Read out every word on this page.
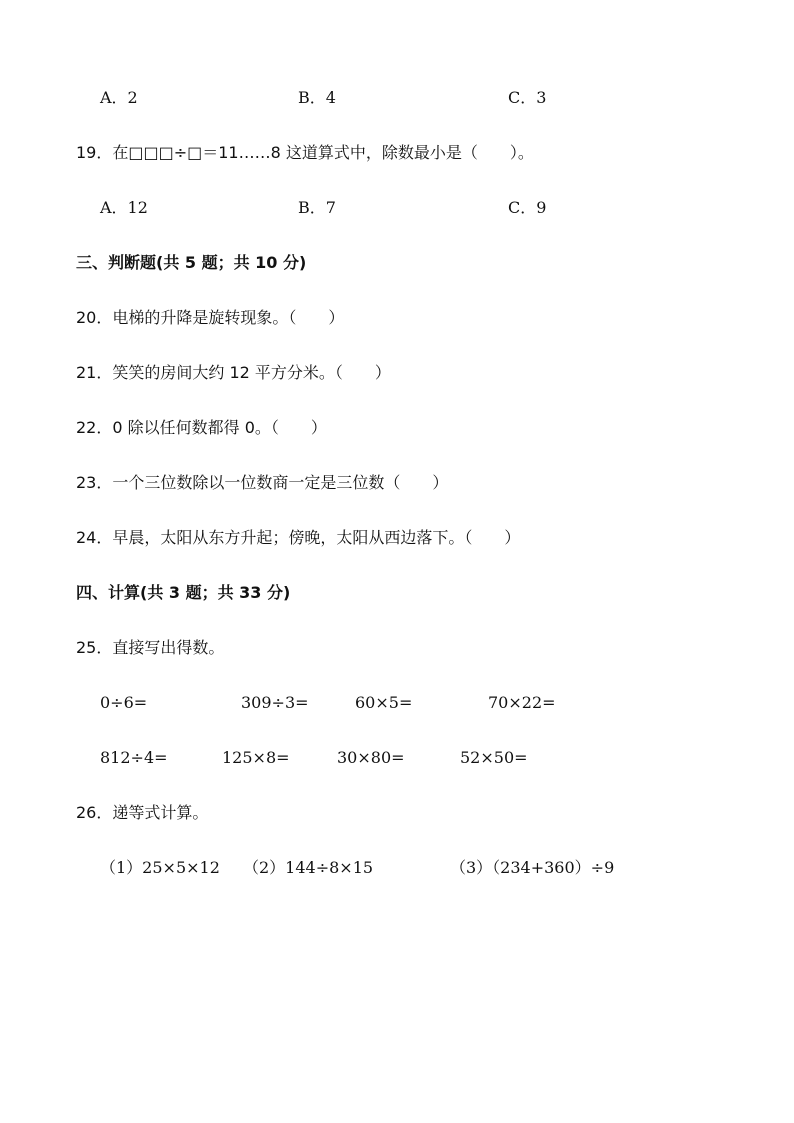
A．2	B．4	C．3
19．在□□□÷□＝11……8 这道算式中，除数最小是（　　）。
A．12	B．7	C．9
三、判断题(共 5 题；共 10 分)
20．电梯的升降是旋转现象。（　　）
21．笑笑的房间大约 12 平方分米。（　　）
22．0 除以任何数都得 0。（　　）
23．一个三位数除以一位数商一定是三位数（　　）
24．早晨，太阳从东方升起；傍晚，太阳从西边落下。（　　）
四、计算(共 3 题；共 33 分)
25．直接写出得数。
0÷6=	309÷3=	60×5=	70×22=
812÷4=	125×8=	30×80=	52×50=
26．递等式计算。
（1）25×5×12 （2）144÷8×15	（3）（234+360）÷9
